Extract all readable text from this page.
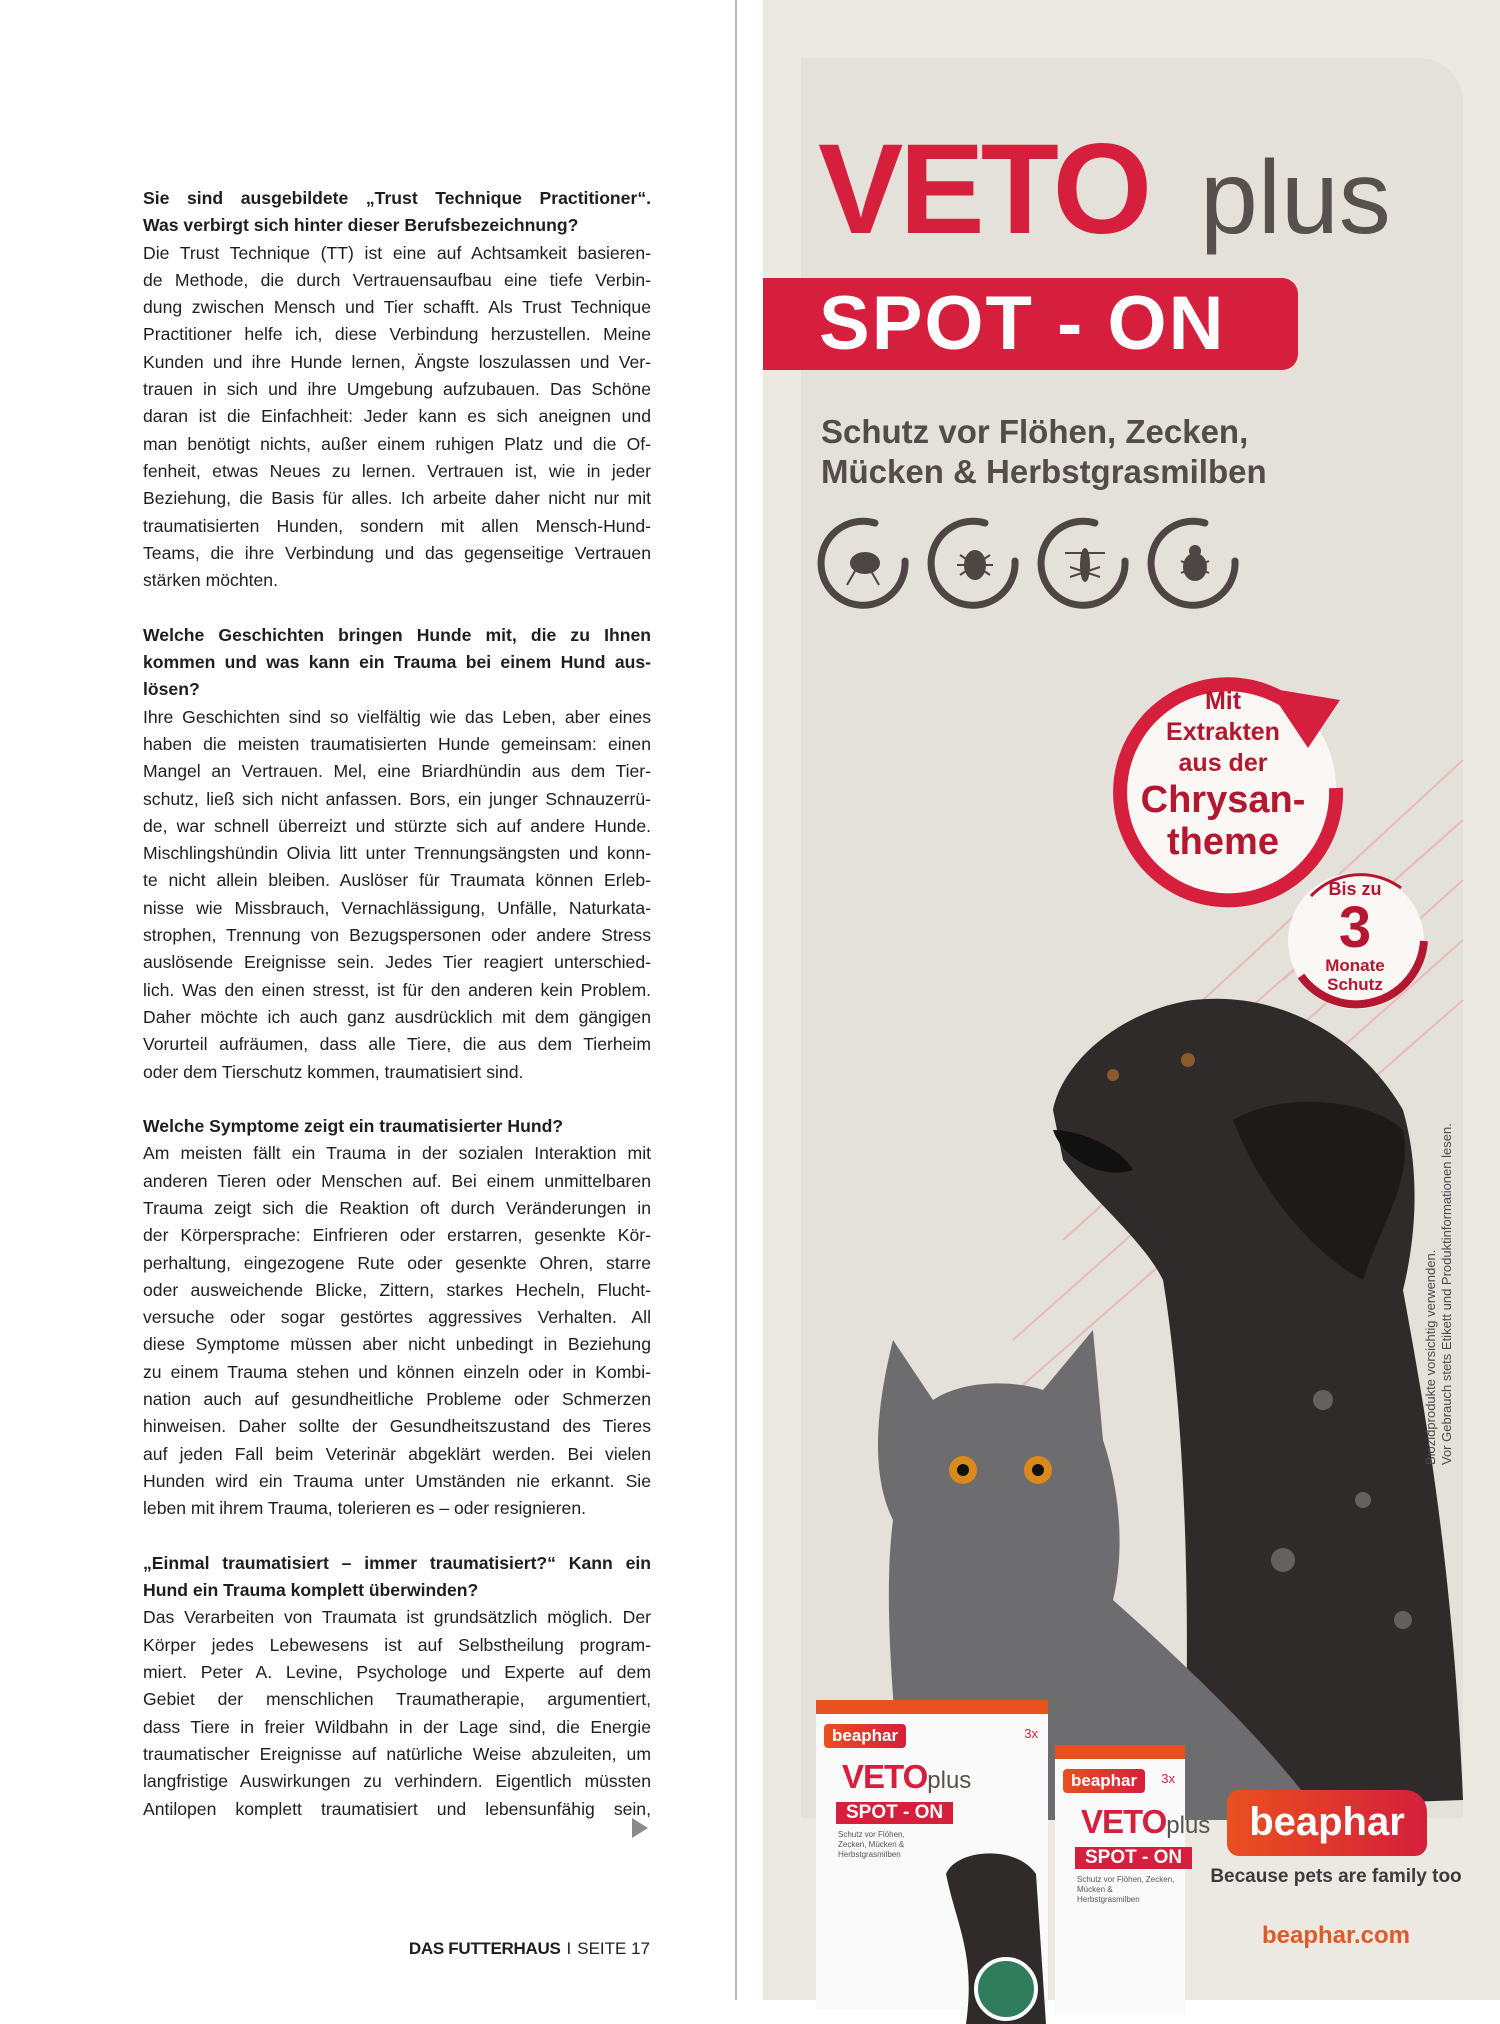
Sie sind ausgebildete „Trust Technique Practitioner“.
Was verbirgt sich hinter dieser Berufsbezeichnung?
Die Trust Technique (TT) ist eine auf Achtsamkeit basieren-
de Methode, die durch Vertrauensaufbau eine tiefe Verbin-
dung zwischen Mensch und Tier schafft. Als Trust Technique
Practitioner helfe ich, diese Verbindung herzustellen. Meine
Kunden und ihre Hunde lernen, Ängste loszulassen und Ver-
trauen in sich und ihre Umgebung aufzubauen. Das Schöne
daran ist die Einfachheit: Jeder kann es sich aneignen und
man benötigt nichts, außer einem ruhigen Platz und die Of-
fenheit, etwas Neues zu lernen. Vertrauen ist, wie in jeder
Beziehung, die Basis für alles. Ich arbeite daher nicht nur mit
traumatisierten Hunden, sondern mit allen Mensch-Hund-
Teams, die ihre Verbindung und das gegenseitige Vertrauen
stärken möchten.
Welche Geschichten bringen Hunde mit, die zu Ihnen
kommen und was kann ein Trauma bei einem Hund aus-
lösen?
Ihre Geschichten sind so vielfältig wie das Leben, aber eines
haben die meisten traumatisierten Hunde gemeinsam: einen
Mangel an Vertrauen. Mel, eine Briardhündin aus dem Tier-
schutz, ließ sich nicht anfassen. Bors, ein junger Schnauzerrü-
de, war schnell überreizt und stürzte sich auf andere Hunde.
Mischlingshündin Olivia litt unter Trennungsängsten und konn-
te nicht allein bleiben. Auslöser für Traumata können Erleb-
nisse wie Missbrauch, Vernachlässigung, Unfälle, Naturkata-
strophen, Trennung von Bezugspersonen oder andere Stress
auslösende Ereignisse sein. Jedes Tier reagiert unterschied-
lich. Was den einen stresst, ist für den anderen kein Problem.
Daher möchte ich auch ganz ausdrücklich mit dem gängigen
Vorurteil aufräumen, dass alle Tiere, die aus dem Tierheim
oder dem Tierschutz kommen, traumatisiert sind.
Welche Symptome zeigt ein traumatisierter Hund?
Am meisten fällt ein Trauma in der sozialen Interaktion mit
anderen Tieren oder Menschen auf. Bei einem unmittelbaren
Trauma zeigt sich die Reaktion oft durch Veränderungen in
der Körpersprache: Einfrieren oder erstarren, gesenkte Kör-
perhaltung, eingezogene Rute oder gesenkte Ohren, starre
oder ausweichende Blicke, Zittern, starkes Hecheln, Flucht-
versuche oder sogar gestörtes aggressives Verhalten. All
diese Symptome müssen aber nicht unbedingt in Beziehung
zu einem Trauma stehen und können einzeln oder in Kombi-
nation auch auf gesundheitliche Probleme oder Schmerzen
hinweisen. Daher sollte der Gesundheitszustand des Tieres
auf jeden Fall beim Veterinär abgeklärt werden. Bei vielen
Hunden wird ein Trauma unter Umständen nie erkannt. Sie
leben mit ihrem Trauma, tolerieren es – oder resignieren.
„Einmal traumatisiert – immer traumatisiert?“ Kann ein
Hund ein Trauma komplett überwinden?
Das Verarbeiten von Traumata ist grundsätzlich möglich. Der
Körper jedes Lebewesens ist auf Selbstheilung program-
miert. Peter A. Levine, Psychologe und Experte auf dem
Gebiet der menschlichen Traumatherapie, argumentiert,
dass Tiere in freier Wildbahn in der Lage sind, die Energie
traumatischer Ereignisse auf natürliche Weise abzuleiten, um
langfristige Auswirkungen zu verhindern. Eigentlich müssten
Antilopen komplett traumatisiert und lebensunfähig sein,
DAS FUTTERHAUS I SEITE 17
VETO plus
SPOT - ON
Schutz vor Flöhen, Zecken,
Mücken & Herbstgrasmilben
Mit
Extrakten
aus der
Chrysan-
theme
Bis zu
3
Monate
Schutz
Biozidprodukte vorsichtig verwenden. Vor Gebrauch stets Etikett und Produktinformationen lesen.
beaphar	3x
VETOplus
SPOT - ON
Schutz vor Flöhen, Zecken, Mücken & Herbstgrasmilben
beaphar	3x
VETOplus
SPOT - ON
Schutz vor Flöhen, Zecken, Mücken & Herbstgrasmilben
beaphar
Because pets are family too
beaphar.com
